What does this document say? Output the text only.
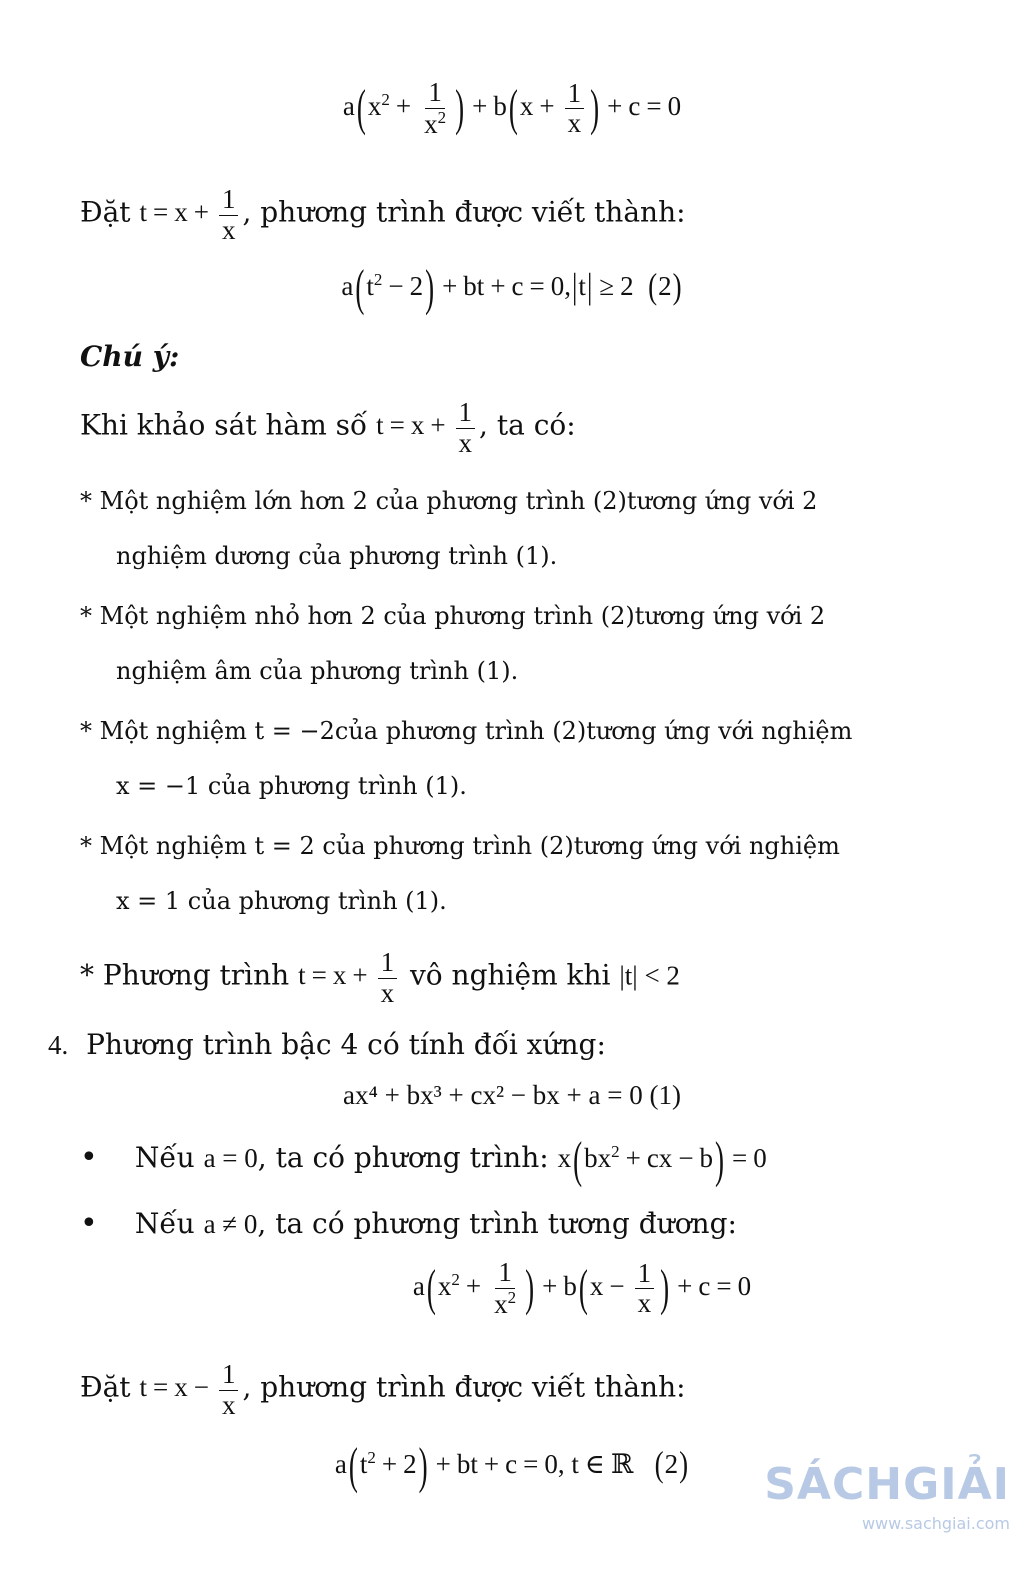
$a(x^2 + \frac{1}{x^2}$ ) + $b(x + \frac{1}{x}$ ) + c = 0
Đặt $t = x + \frac{1}{x}$ , phương trình được viết thành:
$a(t^2 - 2)$ + bt + c = 0,|t| ≥ 2  (2)
Chú ý:
Khi khảo sát hàm số $t = x + \frac{1}{x}$ , ta có:
* Một nghiệm lớn hơn 2 của phương trình (2)tương ứng với 2
nghiệm dương của phương trình (1).
* Một nghiệm nhỏ hơn 2 của phương trình (2)tương ứng với 2
nghiệm âm của phương trình (1).
* Một nghiệm t = −2của phương trình (2)tương ứng với nghiệm
x = −1 của phương trình (1).
* Một nghiệm t = 2 của phương trình (2)tương ứng với nghiệm
x = 1 của phương trình (1).
* Phương trình $t = x + \frac{1}{x}$ vô nghiệm khi |t| < 2
4. Phương trình bậc 4 có tính đối xứng:
ax⁴ + bx³ + cx² − bx + a = 0 (1)
• Nếu a = 0, ta có phương trình: $x(bx^2$ + cx − b) = 0
• Nếu a ≠ 0, ta có phương trình tương đương:
$a(x^2 + \frac{1}{x^2}$ ) + $b(x - \frac{1}{x}$ ) + c = 0
Đặt $t = x - \frac{1}{x}$ , phương trình được viết thành:
$a(t^2 + 2)$ + bt + c = 0, t ∈ ℝ   (2)	SÁCHGIẢI
www.sachgiai.com
